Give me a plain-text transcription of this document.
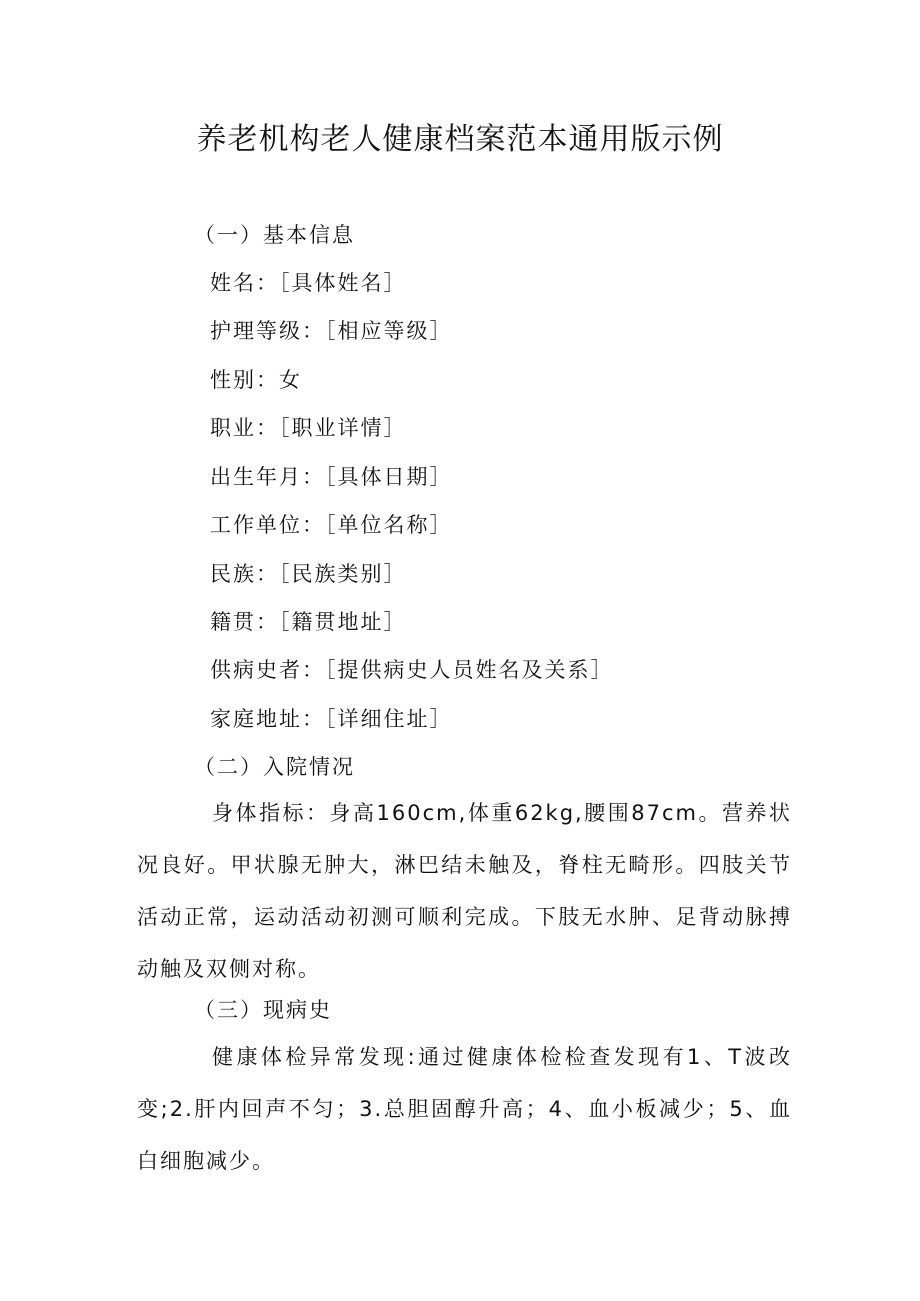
养老机构老人健康档案范本通用版示例
（一）基本信息
姓名：［具体姓名］
护理等级：［相应等级］
性别：女
职业：［职业详情］
出生年月：［具体日期］
工作单位：［单位名称］
民族：［民族类别］
籍贯：［籍贯地址］
供病史者：［提供病史人员姓名及关系］
家庭地址：［详细住址］
（二）入院情况

身体指标：身高160cm,体重62kg,腰围87cm。营养状况良好。甲状腺无肿大，淋巴结未触及，脊柱无畸形。四肢关节活动正常，运动活动初测可顺利完成。下肢无水肿、足背动脉搏动触及双侧对称。

（三）现病史

健康体检异常发现:通过健康体检检查发现有1、T波改变;2.肝内回声不匀；3.总胆固醇升高；4、血小板减少；5、血白细胞减少。
